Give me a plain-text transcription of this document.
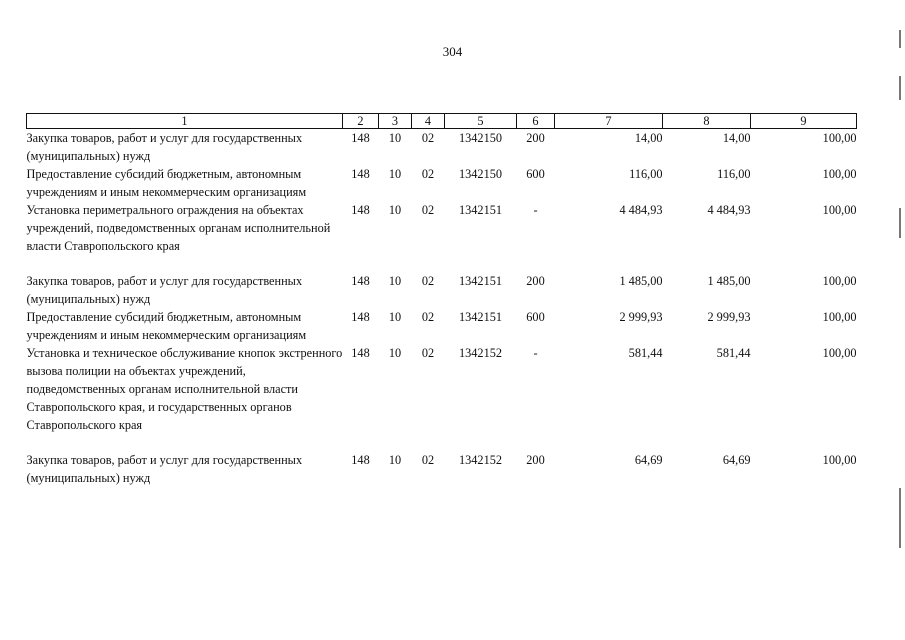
304
1	2	3	4	5	6	7	8	9
Закупка товаров, работ и услуг для государственных (муниципальных) нужд	148	10	02	1342150	200	14,00	14,00	100,00
Предоставление субсидий бюджетным, автономным учреждениям и иным некоммерческим организациям	148	10	02	1342150	600	116,00	116,00	100,00
Установка периметрального ограждения на объектах учреждений, подведомственных органам исполнительной власти Ставропольского края	148	10	02	1342151	-	4 484,93	4 484,93	100,00

Закупка товаров, работ и услуг для государственных (муниципальных) нужд	148	10	02	1342151	200	1 485,00	1 485,00	100,00
Предоставление субсидий бюджетным, автономным учреждениям и иным некоммерческим организациям	148	10	02	1342151	600	2 999,93	2 999,93	100,00
Установка и техническое обслуживание кнопок экстренного вызова полиции на объектах учреждений, подведомственных органам исполнительной власти Ставропольского края, и государственных органов Ставропольского края	148	10	02	1342152	-	581,44	581,44	100,00

Закупка товаров, работ и услуг для государственных (муниципальных) нужд	148	10	02	1342152	200	64,69	64,69	100,00
